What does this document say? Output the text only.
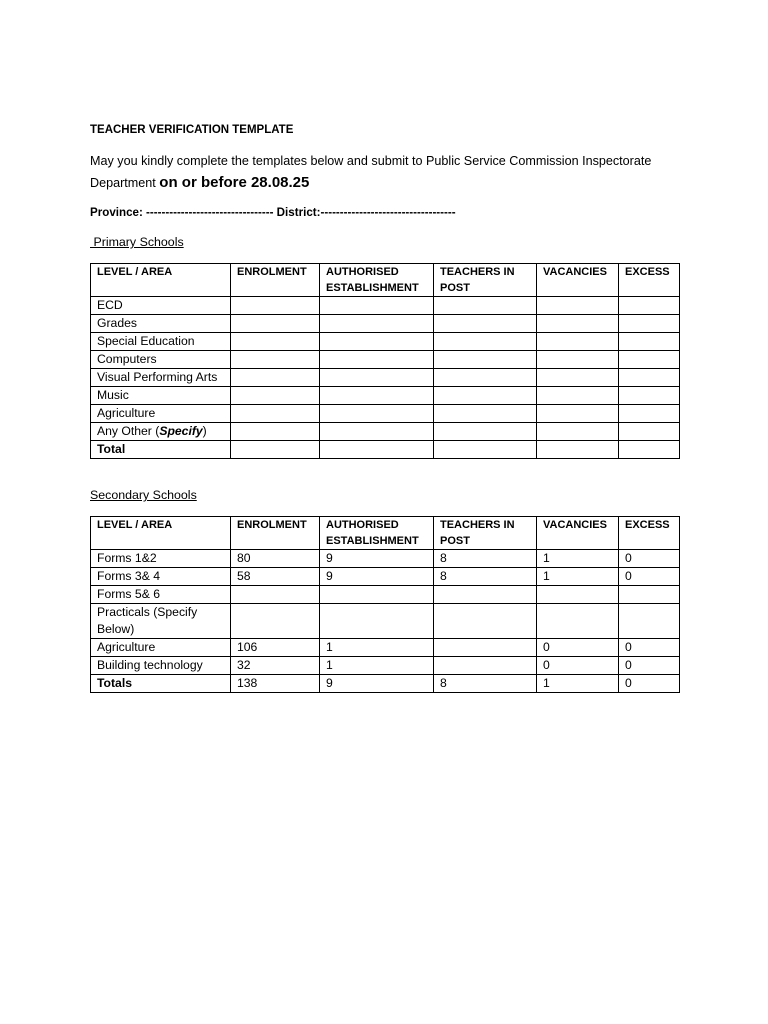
TEACHER VERIFICATION TEMPLATE
May you kindly complete the templates below and submit to Public Service Commission Inspectorate Department on or before 28.08.25
Province: --------------------------------- District:-----------------------------------
Primary Schools
LEVEL / AREA	ENROLMENT	AUTHORISED ESTABLISHMENT	TEACHERS IN POST	VACANCIES	EXCESS
ECD					
Grades					
Special Education					
Computers					
Visual Performing Arts					
Music					
Agriculture					
Any Other (Specify)					
Total					
Secondary Schools
LEVEL / AREA	ENROLMENT	AUTHORISED ESTABLISHMENT	TEACHERS IN POST	VACANCIES	EXCESS
Forms 1&2	80	9	8	1	0
Forms 3& 4	58	9	8	1	0
Forms 5& 6					
Practicals (Specify Below)					
Agriculture	106	1		0	0
Building technology	32	1		0	0
Totals	138	9	8	1	0
